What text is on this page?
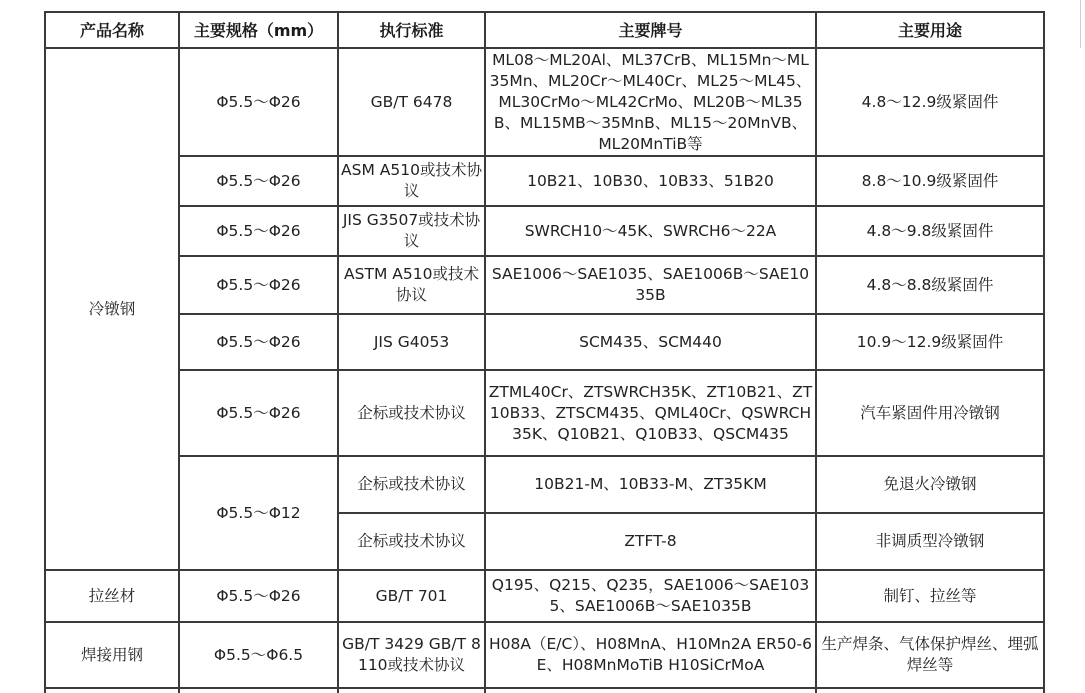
产品名称	主要规格（mm）	执行标准	主要牌号	主要用途
冷镦钢	Φ5.5～Φ26	GB/T 6478	ML08～ML20Al、ML37CrB、ML15Mn～ML35Mn、ML20Cr～ML40Cr、ML25～ML45、ML30CrMo～ML42CrMo、ML20B～ML35B、ML15MB～35MnB、ML15～20MnVB、ML20MnTiB等	4.8～12.9级紧固件
	Φ5.5～Φ26	ASM A510或技术协议	10B21、10B30、10B33、51B20	8.8～10.9级紧固件
	Φ5.5～Φ26	JIS G3507或技术协议	SWRCH10～45K、SWRCH6～22A	4.8～9.8级紧固件
	Φ5.5～Φ26	ASTM A510或技术协议	SAE1006～SAE1035、SAE1006B～SAE1035B	4.8～8.8级紧固件
	Φ5.5～Φ26	JIS G4053	SCM435、SCM440	10.9～12.9级紧固件
	Φ5.5～Φ26	企标或技术协议	ZTML40Cr、ZTSWRCH35K、ZT10B21、ZT10B33、ZTSCM435、QML40Cr、QSWRCH35K、Q10B21、Q10B33、QSCM435	汽车紧固件用冷镦钢
	Φ5.5～Φ12	企标或技术协议	10B21-M、10B33-M、ZT35KM	免退火冷镦钢
		企标或技术协议	ZTFT-8	非调质型冷镦钢
拉丝材	Φ5.5～Φ26	GB/T 701	Q195、Q215、Q235，SAE1006～SAE1035、SAE1006B～SAE1035B	制钉、拉丝等
焊接用钢	Φ5.5～Φ6.5	GB/T 3429 GB/T 8110或技术协议	H08A（E/C）、H08MnA、H10Mn2A ER50-6E、H08MnMoTiB H10SiCrMoA	生产焊条、气体保护焊丝、埋弧焊丝等
